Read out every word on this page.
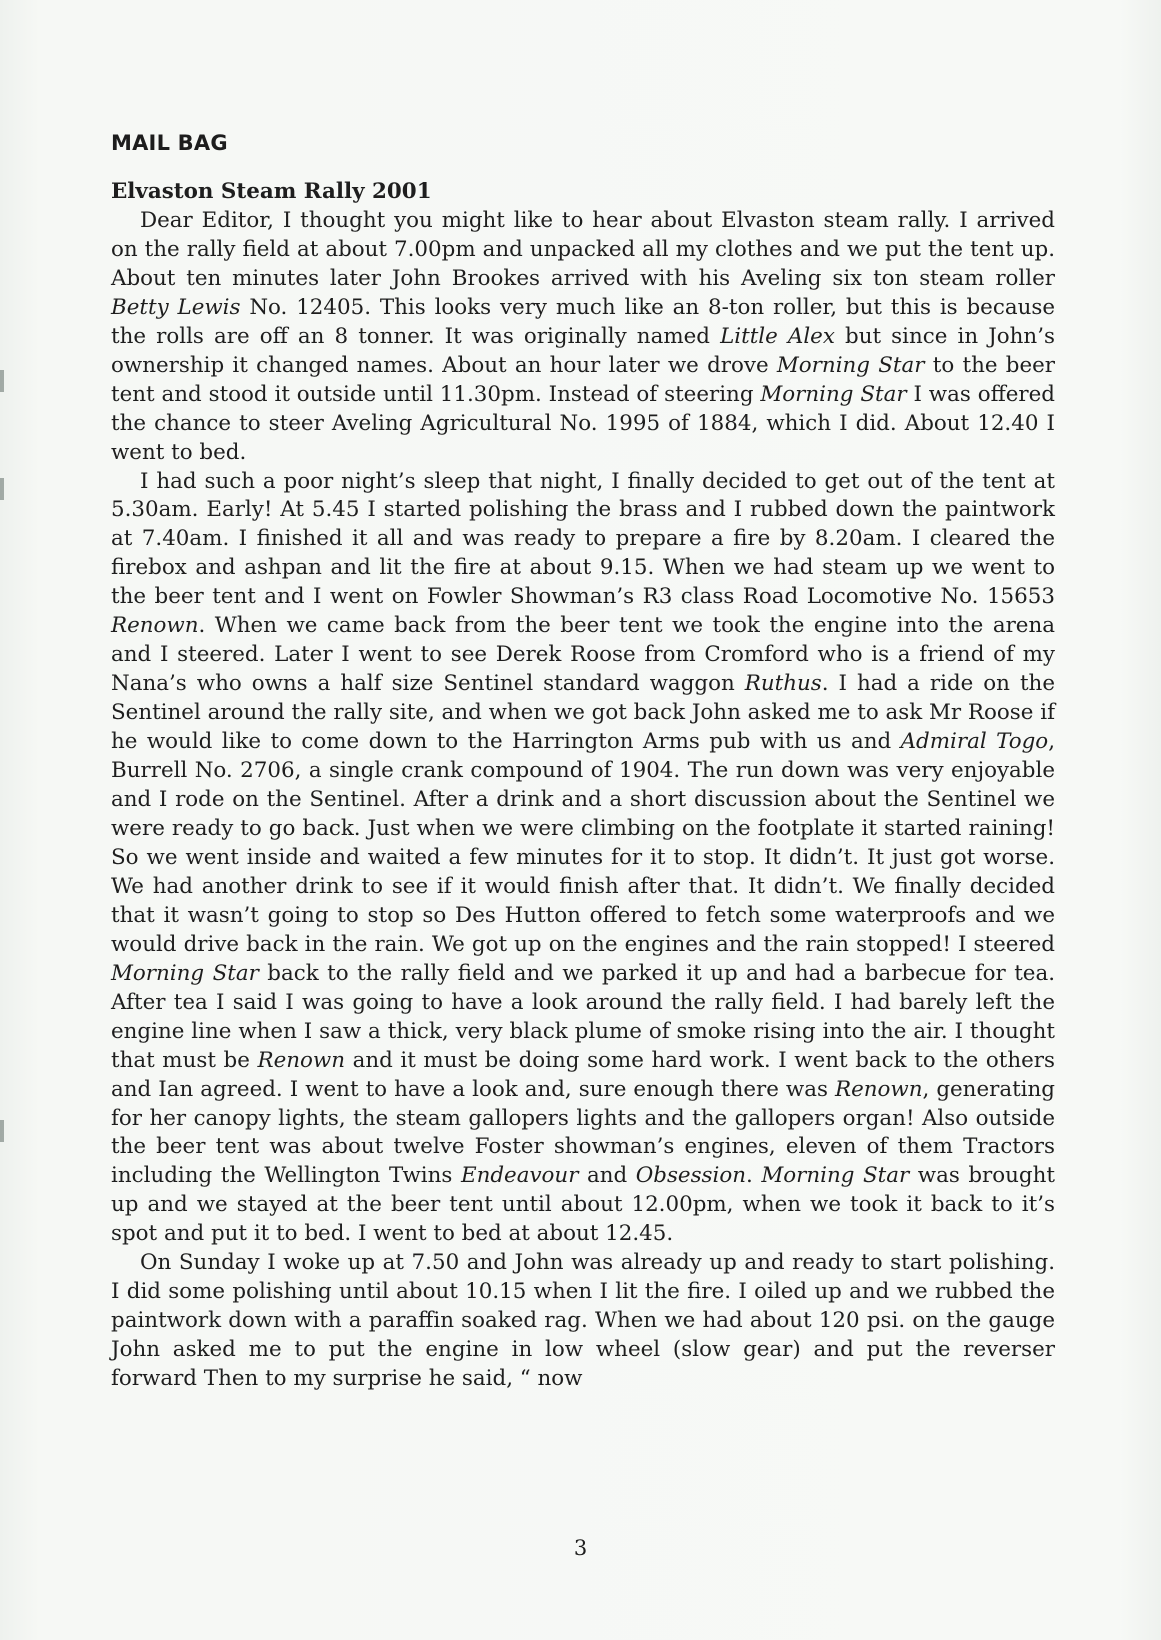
MAIL BAG
Elvaston Steam Rally 2001

Dear Editor, I thought you might like to hear about Elvaston steam rally. I arrived on the rally field at about 7.00pm and unpacked all my clothes and we put the tent up. About ten minutes later John Brookes arrived with his Aveling six ton steam roller Betty Lewis No. 12405. This looks very much like an 8-ton roller, but this is because the rolls are off an 8 tonner. It was originally named Little Alex but since in John’s ownership it changed names. About an hour later we drove Morning Star to the beer tent and stood it outside until 11.30pm. Instead of steering Morning Star I was offered the chance to steer Aveling Agricultural No. 1995 of 1884, which I did. About 12.40 I went to bed.

I had such a poor night’s sleep that night, I finally decided to get out of the tent at 5.30am. Early! At 5.45 I started polishing the brass and I rubbed down the paintwork at 7.40am. I finished it all and was ready to prepare a fire by 8.20am. I cleared the firebox and ashpan and lit the fire at about 9.15. When we had steam up we went to the beer tent and I went on Fowler Showman’s R3 class Road Locomotive No. 15653 Renown. When we came back from the beer tent we took the engine into the arena and I steered. Later I went to see Derek Roose from Cromford who is a friend of my Nana’s who owns a half size Sentinel standard waggon Ruthus. I had a ride on the Sentinel around the rally site, and when we got back John asked me to ask Mr Roose if he would like to come down to the Harrington Arms pub with us and Admiral Togo, Burrell No. 2706, a single crank compound of 1904. The run down was very enjoyable and I rode on the Sentinel. After a drink and a short discussion about the Sentinel we were ready to go back. Just when we were climbing on the footplate it started raining! So we went inside and waited a few minutes for it to stop. It didn’t. It just got worse. We had another drink to see if it would finish after that. It didn’t. We finally decided that it wasn’t going to stop so Des Hutton offered to fetch some waterproofs and we would drive back in the rain. We got up on the engines and the rain stopped! I steered Morning Star back to the rally field and we parked it up and had a barbecue for tea. After tea I said I was going to have a look around the rally field. I had barely left the engine line when I saw a thick, very black plume of smoke rising into the air. I thought that must be Renown and it must be doing some hard work. I went back to the others and Ian agreed. I went to have a look and, sure enough there was Renown, generating for her canopy lights, the steam gallopers lights and the gallopers organ! Also outside the beer tent was about twelve Foster showman’s engines, eleven of them Tractors including the Wellington Twins Endeavour and Obsession. Morning Star was brought up and we stayed at the beer tent until about 12.00pm, when we took it back to it’s spot and put it to bed. I went to bed at about 12.45.

On Sunday I woke up at 7.50 and John was already up and ready to start polishing. I did some polishing until about 10.15 when I lit the fire. I oiled up and we rubbed the paintwork down with a paraffin soaked rag. When we had about 120 psi. on the gauge John asked me to put the engine in low wheel (slow gear) and put the reverser forward Then to my surprise he said, “ now

3
